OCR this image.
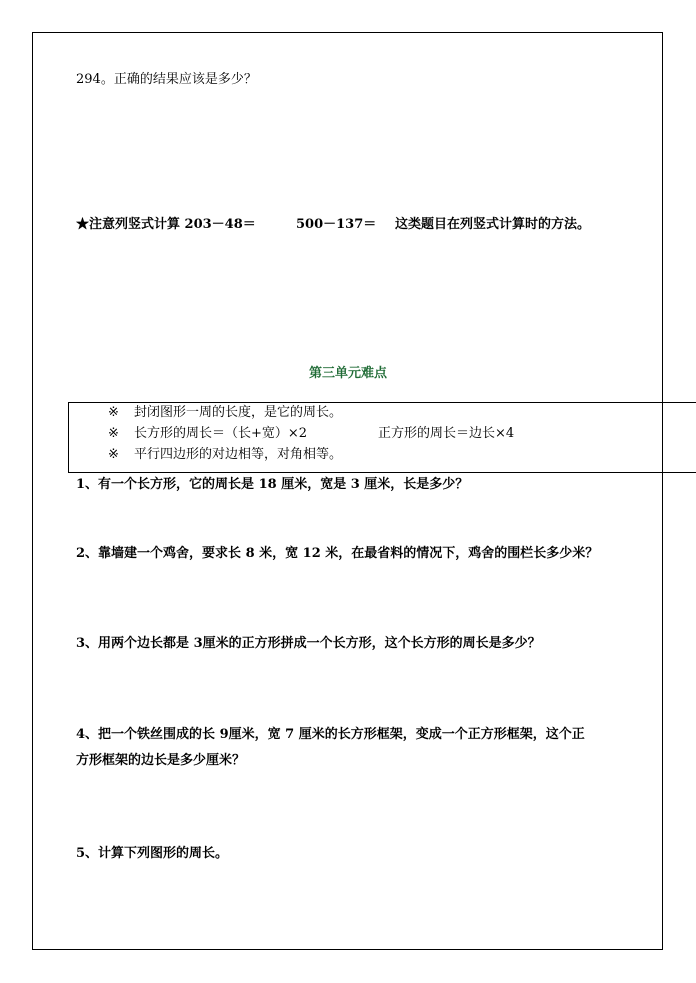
294。正确的结果应该是多少？
★注意列竖式计算 203－48＝	500－137＝ 这类题目在列竖式计算时的方法。
第三单元难点
※ 封闭图形一周的长度，是它的周长。
※ 长方形的周长＝（长+宽）×2	正方形的周长＝边长×4
※ 平行四边形的对边相等，对角相等。
1、有一个长方形，它的周长是 18 厘米，宽是 3 厘米，长是多少？
2、靠墙建一个鸡舍，要求长 8 米，宽 12 米，在最省料的情况下，鸡舍的围栏长多少米？
3、用两个边长都是 3厘米的正方形拼成一个长方形，这个长方形的周长是多少？
4、把一个铁丝围成的长 9厘米，宽 7 厘米的长方形框架，变成一个正方形框架，这个正
方形框架的边长是多少厘米？
5、计算下列图形的周长。
